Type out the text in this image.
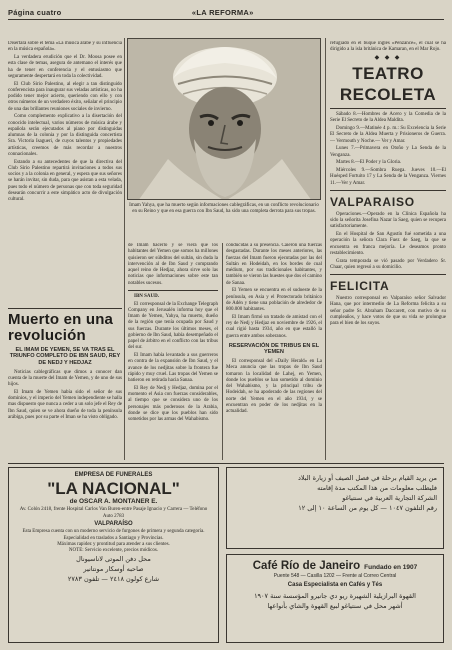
Página cuatro	«LA REFORMA»

Disertará sobre el tema «La música árabe y su influencia en la música española».

La verdadera erudición que el Dr. Moosa posee en esta clase de temas, asegura de antemano el interés que ha de tener en conferencia y el entusiasmo que seguramente despertará en toda la colectividad.

El Club Sirio Palestino, al elegir a tan distinguido conferencista para inaugurar sus veladas artísticas, no ha podido tener mejor acierto, queriendo con ello y con otros números de un verdadero éxito, señalar el principio de una das brillantes reuniones sociales de invierno.

Como complemento explicativo a la disertación del conocido intelectual, varios números de música árabe y española serán ejecutados al piano por distinguidas alumnas de la colonia y por la distinguida concertista Sra. Victoria Isagueri, de cuyos talentos y propiedades artísticas, creemos de más recordar a nuestros connacionales.

Estando a su antecedentes de que la directiva del Club Sirio Palestino repartirá invitaciones a todos sus socios y a la colonia en general, y espera que sus señores se harán invitar, sin duda, para que asistan a esta velada, pues todo el número de personas que con toda seguridad desearán concurrir a este simpático acto de divulgación cultural.

Muerto en una revolución
EL IMAM DE YEMEN, SE VA TRAS EL TRIUNFO COMPLETO DE IBN SAUD, REY DE NEDJ Y HEDJAZ

Noticias cablegráficas que dimos a conocer dan cuenta de la muerte del Imam de Yemen, y de uno de sus hijos.

El Imam de Yemen había sido el señor de sus dominios, y el imperio del Yemen independiente se halla mas dispuesto que nunca a ceder a un solo jefe el Rey de Ibn Saud, quien se ve ahora dueño de toda la península arábiga, pues por su parte el Iman se ha visto obligado.

Imam Yahya, que ha muerto según informaciones cablegráficas, en un conflicto revolucionario en su Reino y que en esa guerra con Ibn Saud, ha sido una completa derrota para sus tropas.

de Imam hacerlo y se viera que los habitantes del Yemen que somos ha millones quisieron ser súbditos del sultán, sin duda la intervención al de Ibn Saud y comprando aquel reino de Hedjaz, ahora sirve solo las noticias que informaciones sobre este tan notables sucesos.

IBN SAUD.

El corresponsal de la Exchange Telegraph Company en Jerusalén informa hoy que el Imam de Yemen, Yahya, ha muerto, dueño de la región que tenía ocupada por Saud y sus fuerzas. Durante los últimos meses, el gobierno de Ibn Saud, había desempeñado el papel de árbitro en el conflicto con las tribus del sur.

El Imam había levantado a sus guerreros en contra de la expansión de Ibn Saud, y el avance de los nedjitas sobre la frontera fue rápido y muy cruel. Las tropas del Yemen se batieron en retirada hacia Sanaa.

El Rey de Nedj y Hedjaz, domina por el momento el Asia con fuerzas considerables, al tiempo que se considera uno de los personajes más poderosos de la Arabia, donde se dice que los pueblos han sido sometidos por las armas del Wahabismo.

conducidas a su presencia. Caíeron una fuerzas desgastadas. Durante los meses anteriores, las fuerzas del Imam fueron ejecutadas por las del Sultán en Hodeidah, en los bordes de cual médium, por sus tradicionales habitantes, y también se vieron las huestes que dos el camino de Sanaa.

El Yemen se encuentra en el sudoeste de la península, en Asia y el Protectorado británico de Adén y tiene una población de alrededor de 800.000 habitantes.

El Imam firmó un tratado de amistad con el rey de Nedj y Hedjaz en noviembre de 1926, el cual rigió hasta 1934, año en que estalló la guerra entre ambos soberanos.

RESERVACIÓN DE TRIBUS EN EL YEMEN

El corresponsal del «Daily Herald» en La Meca anuncia que las tropas de Ibn Saud tomaron la localidad de Lahej, en Yemen, donde los pueblos se han sometido al dominio del Wahabismo, y la principal tribu de Hodeidah, se ha apoderado de las regiones del norte del Yemen en el año 1934, y se encuentran en poder de los nedjitas en la actualidad.

refugiado en el buque inglés «Penzance», el cual se ha dirigido a la isla británica de Kamaran, en el Mar Rojo.

◆ ◆ ◆
TEATRO RECOLETA

Sábado 8.—Hombres de Acero y la Comedia de la Serie El Secreto de la Aldea Maldita.

Domingo 9.—Matinée 4 p. m.: Su Excelencia la Serie El Secreto de la Aldea Muerta y Prisioneros de Guerra. — Vermouth y Noche.— Ver y Amar.

Lunes 7.—Primavera en Otoño y La Senda de la Venganza.

Martes 8.—El Poder y la Gloria.

Miércoles 9.—Sombra Ruega. Jueves 10.—El Huésped Fortuito 17 y La Senda de la Venganza. Viernes 11.—Ver y Amar.

VALPARAISO

Operaciones.—Operado en la Clínica Española ha sido la señorita Josefina Nazar la Saeg, quien se recupera satisfactoriamente.

En el Hospital de San Agustín fué sometida a una operación la señora Clara Fuez de Saeg, la que se encuentra en franca mejoría. Le deseamos pronto restablecimiento.

Grata temporada se vió pasado por Verdadero Sr. Chaar, quien regresó a su domicilio.

FELICITA

Nuestro corresponsal en Valparaíso señor Salvador Hana, que por intermedio de La Reforma felicita a su señor padre Sr. Abraham Daccarett, con motivo de su cumpleaños, y hace votos de que su vida se prolongue para el bien de los suyos.

EMPRESA DE FUNERALES
"LA NACIONAL"
de OSCAR A. MONTANER E.
Av. Colón 2418, frente Hospital Carlos Van Buren-entre Pasaje Ignacio y Carrera — Teléfono Auto 2783
VALPARAÍSO
Esta Empresa cuenta con un moderno servicio de furgones de primera y segunda categoría.
Especialidad en traslados a Santiago y Provincias.
Máximas rapidez y prontitud para atender a sus clientes.
NOTE: Servicio excelente, precios módicos.
محل دفن الموتى لاناسيونال
صاحبه أوسكار مونتانير
شارع كولون ٢٤١٨ — تلفون ٢٧٨٣
من يريد القيام برحلة في فصل الصيف أو زيارة البلاد
فليطلب معلومات من هذا المكتب مدة إقامته
الشركة التجارية العربية في سنتياغو
رقم التلفون ١٠٤٧ — كل يوم من الساعة ١٠ إلى ١٢
Café Río de Janeiro Fundado en 1907
Puente 548 — Casilla 1202 — Frente al Correo Central
Casa Especialista en Cafés y Tés
القهوة البرازيلية الشهيرة ريو دي جانيرو المؤسسة سنة ١٩٠٧
أشهر محل في سنتياغو لبيع القهوة والشاي بأنواعها
